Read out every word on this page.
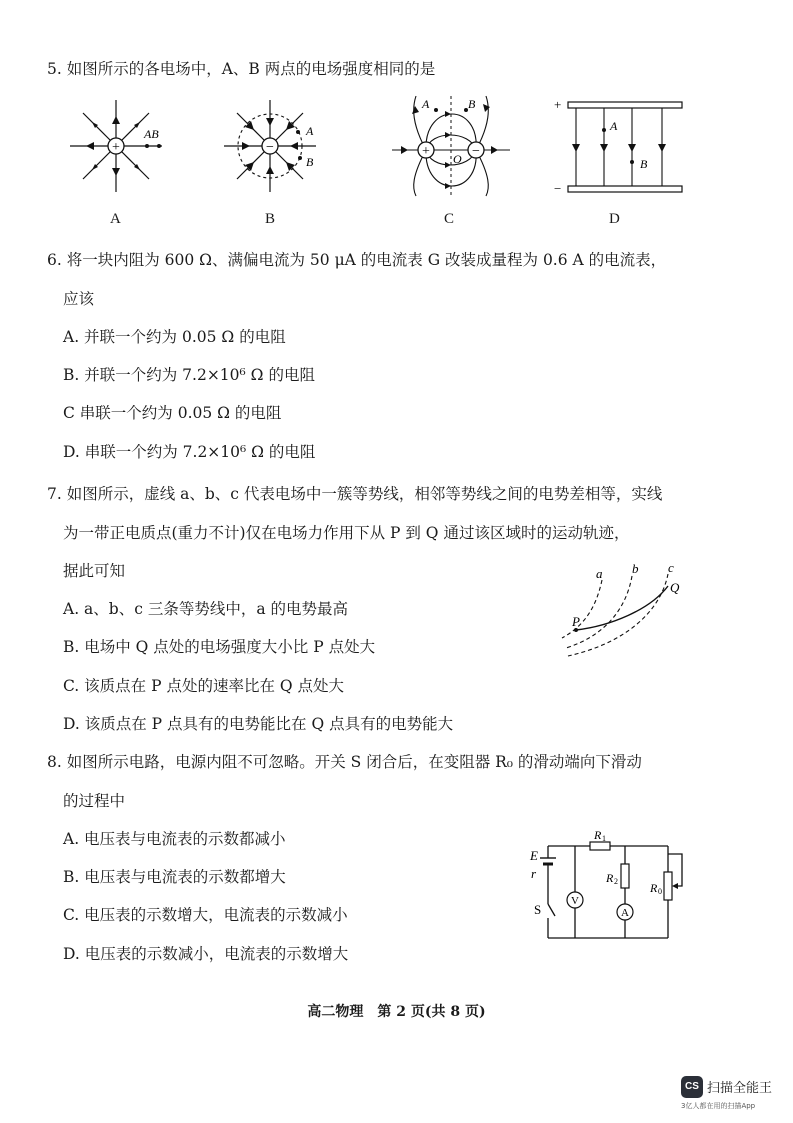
5. 如图所示的各电场中，A、B 两点的电场强度相同的是
+
AB
A
−
A
B
B
+	−
A	B
O
C
A
B
+
−
D
6. 将一块内阻为 600 Ω、满偏电流为 50 μA 的电流表 G 改装成量程为 0.6 A 的电流表，
应该
A. 并联一个约为 0.05 Ω 的电阻
B. 并联一个约为 7.2×10⁶ Ω 的电阻
C 串联一个约为 0.05 Ω 的电阻
D. 串联一个约为 7.2×10⁶ Ω 的电阻
7. 如图所示，虚线 a、b、c 代表电场中一簇等势线，相邻等势线之间的电势差相等，实线
为一带正电质点(重力不计)仅在电场力作用下从 P 到 Q 通过该区域时的运动轨迹，
据此可知
A. a、b、c 三条等势线中，a 的电势最高
B. 电场中 Q 点处的电场强度大小比 P 点处大
C. 该质点在 P 点处的速率比在 Q 点处大
D. 该质点在 P 点具有的电势能比在 Q 点具有的电势能大
a b c
Q
P
8. 如图所示电路，电源内阻不可忽略。开关 S 闭合后，在变阻器 R₀ 的滑动端向下滑动
的过程中
A. 电压表与电流表的示数都减小
B. 电压表与电流表的示数都增大
C. 电压表的示数增大，电流表的示数减小
D. 电压表的示数减小，电流表的示数增大
V
A
E
r
S
R 1
R 2	R 0
高二物理　第 2 页(共 8 页)
CS 扫描全能王
3亿人都在用的扫描App
